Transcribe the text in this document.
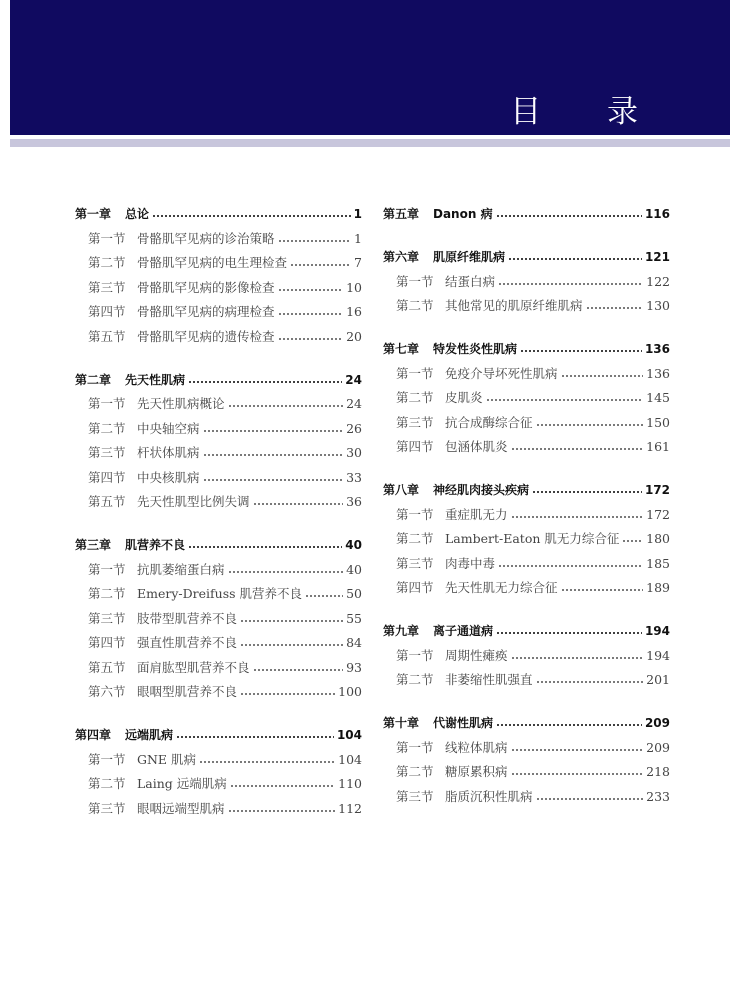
目 录
第一章	总论	1
第一节 骨骼肌罕见病的诊治策略	1
第二节 骨骼肌罕见病的电生理检查	7
第三节 骨骼肌罕见病的影像检查	10
第四节 骨骼肌罕见病的病理检查	16
第五节 骨骼肌罕见病的遗传检查	20
第二章	先天性肌病	24
第一节 先天性肌病概论	24
第二节 中央轴空病	26
第三节 杆状体肌病	30
第四节 中央核肌病	33
第五节 先天性肌型比例失调	36
第三章	肌营养不良	40
第一节 抗肌萎缩蛋白病	40
第二节 Emery-Dreifuss 肌营养不良	50
第三节 肢带型肌营养不良	55
第四节 强直性肌营养不良	84
第五节 面肩肱型肌营养不良	93
第六节 眼咽型肌营养不良	100
第四章	远端肌病	104
第一节 GNE 肌病	104
第二节 Laing 远端肌病	110
第三节 眼咽远端型肌病	112
第五章	Danon 病	116
第六章	肌原纤维肌病	121
第一节 结蛋白病	122
第二节 其他常见的肌原纤维肌病	130
第七章	特发性炎性肌病	136
第一节 免疫介导坏死性肌病	136
第二节 皮肌炎	145
第三节 抗合成酶综合征	150
第四节 包涵体肌炎	161
第八章	神经肌肉接头疾病	172
第一节 重症肌无力	172
第二节 Lambert-Eaton 肌无力综合征 180
第三节 肉毒中毒	185
第四节 先天性肌无力综合征	189
第九章	离子通道病	194
第一节 周期性瘫痪	194
第二节 非萎缩性肌强直	201
第十章	代谢性肌病	209
第一节 线粒体肌病	209
第二节 糖原累积病	218
第三节 脂质沉积性肌病	233
